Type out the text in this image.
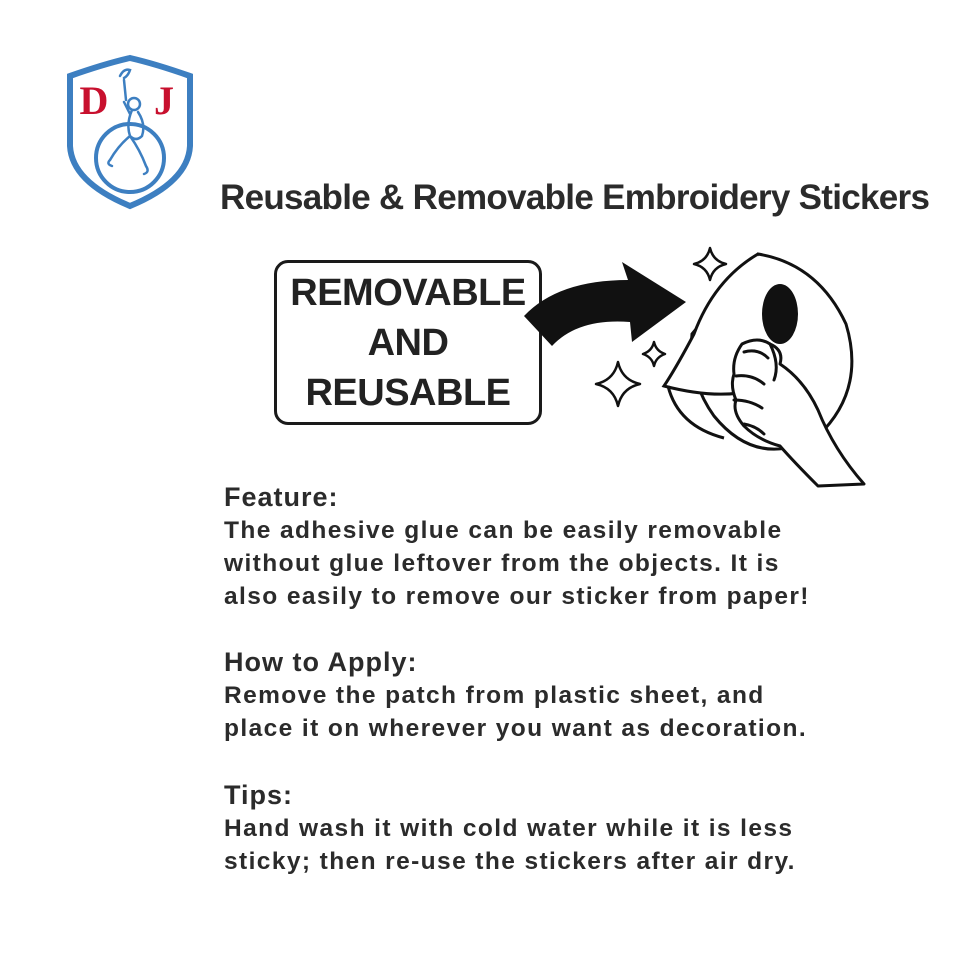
D J
Reusable & Removable Embroidery Stickers
REMOVABLE
AND
REUSABLE
Feature:
The adhesive glue can be easily removable
without glue leftover from the objects. It is
also easily to remove our sticker from paper!
How to Apply:
Remove the patch from plastic sheet, and
place it on wherever you want as decoration.
Tips:
Hand wash it with cold water while it is less
sticky; then re-use the stickers after air dry.
